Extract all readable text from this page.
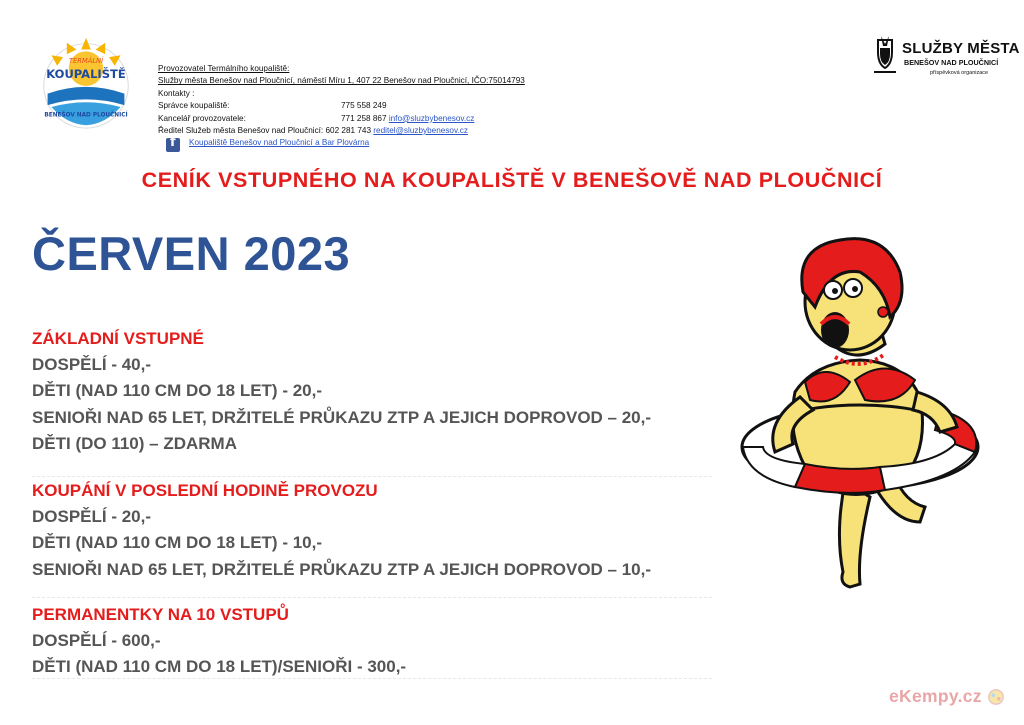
TERMÁLNÍ
KOUPALIŠTĚ
BENEŠOV NAD PLOUČNICÍ
Provozovatel Termálního koupaliště:
Služby města Benešov nad Ploučnicí, náměstí Míru 1, 407 22 Benešov nad Ploučnicí, IČO:75014793
Kontakty :
Správce koupaliště:	775 558 249
Kancelář provozovatele:	771 258 867 info@sluzbybenesov.cz
Ředitel Služeb města Benešov nad Ploučnicí: 602 281 743 reditel@sluzbybenesov.cz
f Koupaliště Benešov nad Ploučnicí a Bar Plovárna
SLUŽBY MĚSTA
BENEŠOV NAD PLOUČNICÍ
příspěvková organizace
CENÍK VSTUPNÉHO NA KOUPALIŠTĚ V BENEŠOVĚ NAD PLOUČNICÍ
ČERVEN 2023
ZÁKLADNÍ VSTUPNÉ
DOSPĚLÍ - 40,-
DĚTI (NAD 110 CM DO 18 LET) - 20,-
SENIOŘI NAD 65 LET, DRŽITELÉ PRŮKAZU ZTP A JEJICH DOPROVOD – 20,-
DĚTI (DO 110) – ZDARMA
KOUPÁNÍ V POSLEDNÍ HODINĚ PROVOZU
DOSPĚLÍ - 20,-
DĚTI (NAD 110 CM DO 18 LET) - 10,-
SENIOŘI NAD 65 LET, DRŽITELÉ PRŮKAZU ZTP A JEJICH DOPROVOD – 10,-
PERMANENTKY NA 10 VSTUPŮ
DOSPĚLÍ - 600,-
DĚTI (NAD 110 CM DO 18 LET)/SENIOŘI - 300,-
eKempy.cz
